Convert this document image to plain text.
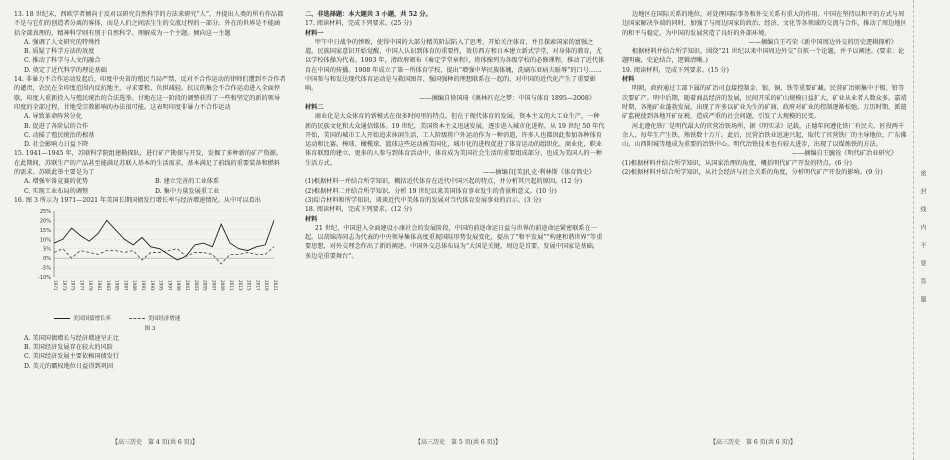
13. 18 世纪末，西欧学者倾向于反对以研究自然科学的方法来研究“人”，并提出人类的所有作品都不是与它们的创造者分离的客体，而是人们之间活生生的交流过程的一部分。外在的世界是不能涵括全部真理的，精神科学则有别于自然科学。理解成为一个主题。倾向这一主题

A. 强调了人文研究的特殊性

B. 质疑了科学方法的效度

C. 推动了科学与人文的融合

D. 奠定了近代科学的理论基础

14. 非暴力不合作运动发起后，印度中央省的殖民当局严禁，反对不合作运动的律师们遭到不合作者的谴责，农民在全印度范围内反抗地主，寻求要租、负担减轻。抗议的集会不合作运动进入全面停歇，印度人重新投入与殖民统治的合法选举。甘地在这一阶段的调整获得了一些和坚定的新的领导印度的全部过程，甘地受宗教影响的办法很可能。这表明印度非暴力不合作运动

A. 导致革命阵营分化

B. 促进了各阶层的合作

C. 动摇了殖民统治的根基

D. 社会影响力日益下降

15. 1941—1945 年，苏联科学院组建勘探队，进行矿产勘探与开发，发掘了多种新的矿产资源。在此期间，苏联生产的产品甚至能满足苏联人基本的生活需求，基本满足了前线的重要装备和燃料的需求。苏联此举主要是为了

A. 增强军备竞赛的优势	B. 建立完善的工业体系
C. 实现工业布局的调整	D. 集中力量发展重工业

16. 图 3 所示为 1971—2021 年美国长期国债发行增长率与经济增速情况。从中可以看出

25%
20%
15%
10%
5%
0%
-5%
-10%
1971 1973 1975 1977 1979 1981 1983 1985 1987 1989 1991 1993 1995 1997 1999 2001 2003 2005 2007 2009 2011 2013 2015 2017 2019 2021
美国国债增长率	美国经济增速
图 3

A. 美国国债增长与经济增速呈正比

B. 美国经济发展存在较大的风险

C. 美国经济发展主要依赖国债发行

D. 美元的霸权地位日益得到巩固

二、非选择题：本大题共 3 小题，共 52 分。

17. 阅读材料，完成下列要求。(25 分)

材料一

甲午中日战争的惨败，使得中国的大部分精英阶层陷入了思考，开始关注体育，并且探索国家的富强之道。民族国家意识开始觉醒，中国人认识到体育的重要性，效仿西方和日本建立新式学堂，对身体的教育，尤以学校体操为代表。1903 年，清政府颁布《奏定学堂章程》，将体操列为各级学校的必修课程，推动了近代体育在中国的传播。1908 年成立了第一所体育学校，提出“增强中华民族体魄，洗刷东亚病夫耻辱”的口号……中国参与和发达现代体育运动是与救国图存、强国强种的理想联系在一起的，对中国的近代化产生了重要影响。

——摘编自徐国琦《奥林匹克之梦：中国与体育 1895—2008》

材料二

商业化是大众体育的新模式在很多时间里的特点。但在于现代体育的发展，资本主义的大工业生产，一种新的民族文化和大众通信媒体。19 世纪，美国资本主义迅速发展，逐步进入城市化进程。从 19 世纪 50 年代开始，美国的城市工人开始追求休闲生活，工人阶级将户外运动作为一种消遣，许多人也都因此参加各种体育运动和比赛。棒球、橄榄球、篮球这些运动被美国化，城市化的进程促进了体育运动的组织化、商业化，职业体育联盟的建立，更多的人参与到体育活动中，体育成为美国社会生活的重要组成部分，也成为美国人的一种生活方式。

——摘编自[美]扎克·利林斯《体育简史》

(1)根据材料一并结合所学知识，概括近代体育在近代中国兴起的特点，并分析其兴起的原因。(12 分)

(2)根据材料二并结合所学知识，分析 19 世纪以来美国体育事业发生的背景和意义。(10 分)

(3)综合材料和所学知识，谈谈近代中美体育的发展对当代体育发展事业的启示。(3 分)

18. 阅读材料，完成下列要求。(12 分)

材料

21 世纪，中国进入全面建设小康社会的发展阶段，中国的前途命运日益与世界的前途命运紧密联系在一起。以胡锦涛同志为代表的中央领导集体高度重视国际形势发展变化，提出了“和平发展”“构建和谐世界”等重要思想，对外交理念作出了新的阐述。中国外交总体布局为“大国是关键，周边是首要，发展中国家是基础，多边是重要舞台”。

边地区在国际关系的地位，对处理国际事务和外交关系有重大的作用。中国在坚持以和平的方式与周边国家解决争端的同时，加强了与周边国家的政治、经济、文化等各领域的交流与合作，推动了周边地区的和平与稳定，为中国的发展营造了良好的外部环境。

——摘编自王巧荣《新中国周边外交的历史逻辑探析》

根据材料并结合所学知识，围绕“21 世纪以来中国周边外交”自拟一个论题，并予以阐述。(要求：论题明确，史论结合，逻辑清晰。)

19. 阅读材料，完成下列要求。(15 分)

材料

明朝，政府通过工部下属的矿冶司直接控制金、银、铜、铁等重要矿藏。民营矿冶则集中于锡、铅等次要矿产。明中后期，随着商品经济的发展，民间开采的矿山规模日益扩大，矿业从业者人数众多。嘉靖时期，各地矿业蓬勃发展，出现了许多以矿业为生的矿商，政府对矿业的控制逐渐松弛。万历时期，派遣矿监税使到各地开矿征税，造成严重的社会问题，引发了大规模的民变。

河北遵化铁厂是明代最大的官营冶铁场所，据《明实录》记载，正德年间遵化铁厂有民夫、匠役两千余人，每年生产生铁、熟铁数十万斤。此后，民营冶铁业迅速兴起，取代了官营铁厂的主导地位，广东佛山、山西阳城等地成为重要的冶铁中心。明代冶铁技术也有较大进步，出现了以煤炼铁的方法。

——摘编自王毓铨《明代矿冶业研究》

(1)根据材料并结合所学知识，从国家治理的角度，概括明代矿产开发的特点。(6 分)

(2)根据材料并结合所学知识，从社会经济与社会关系的角度，分析明代矿产开发的影响。(9 分)

【高三历史　第 4 页(共 6 页)】	【高三历史　第 5 页(共 6 页)】	【高三历史　第 6 页(共 6 页)】
密　封　线　内　不　要　答　题
